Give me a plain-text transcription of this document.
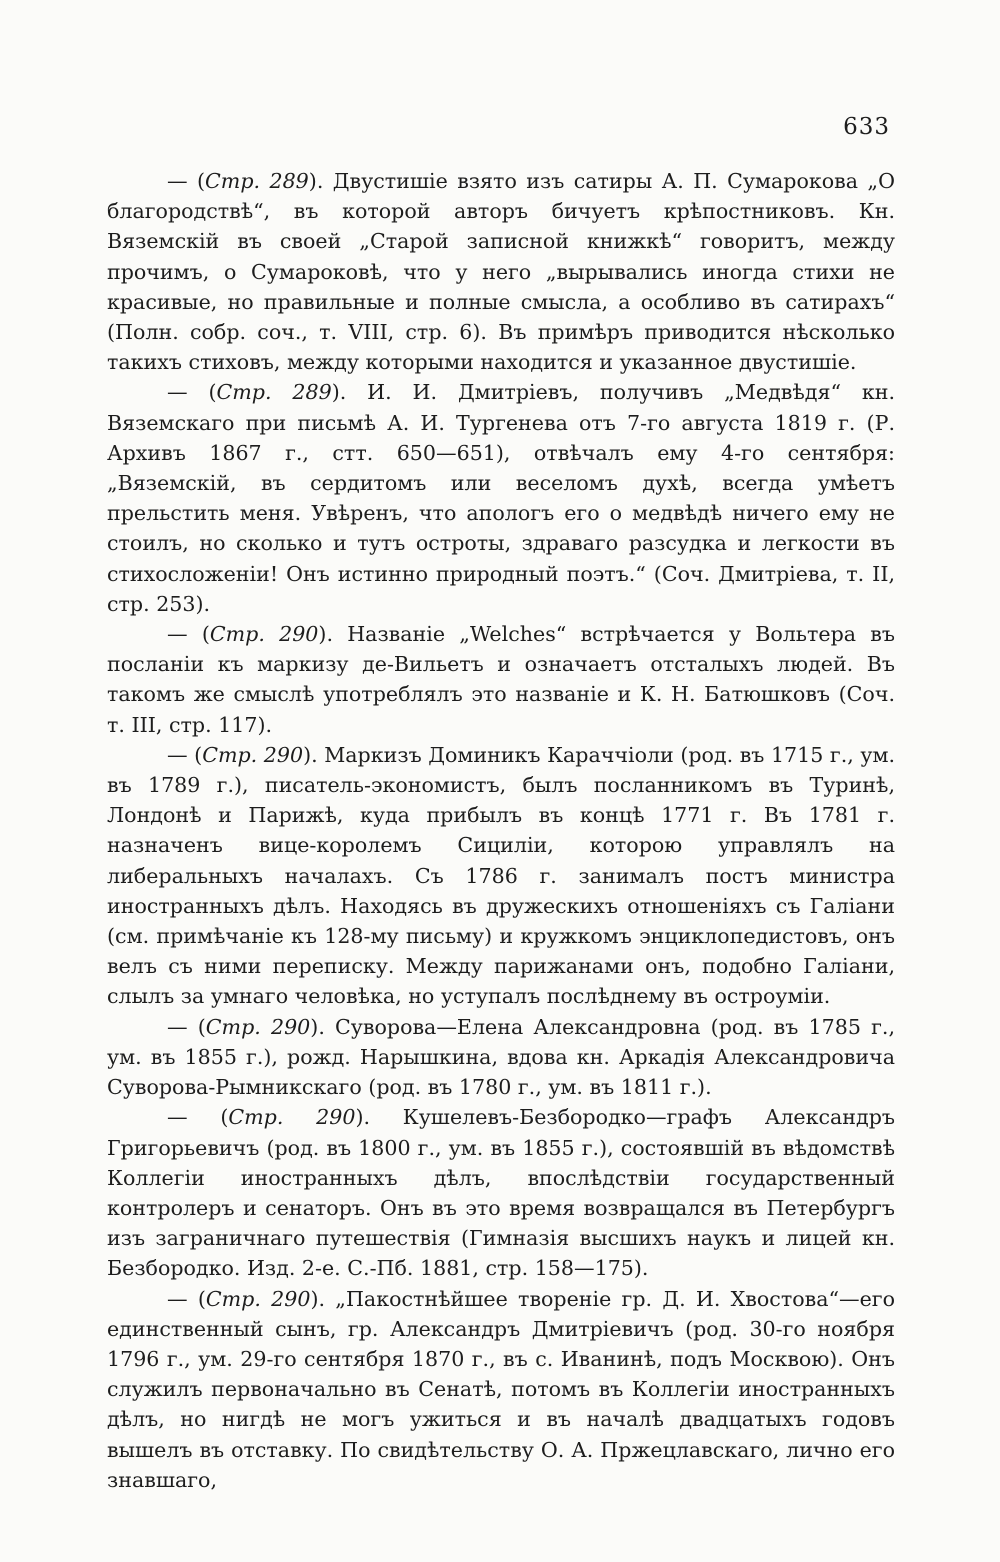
633

— (Стр. 289). Двустишіе взято изъ сатиры А. П. Сумарокова „О благородствѣ“, въ которой авторъ бичуетъ крѣпостниковъ. Кн. Вяземскій въ своей „Старой записной книжкѣ“ говоритъ, между прочимъ, о Сумароковѣ, что у него „вырывались иногда стихи не красивые, но правильные и полные смысла, а особливо въ сатирахъ“ (Полн. собр. соч., т. VIII, стр. 6). Въ примѣръ приводится нѣсколько такихъ стиховъ, между которыми находится и указанное двустишіе.

— (Стр. 289). И. И. Дмитріевъ, получивъ „Медвѣдя“ кн. Вяземскаго при письмѣ А. И. Тургенева отъ 7-го августа 1819 г. (Р. Архивъ 1867 г., стт. 650—651), отвѣчалъ ему 4-го сентября: „Вяземскій, въ сердитомъ или веселомъ духѣ, всегда умѣетъ прельстить меня. Увѣренъ, что апологъ его о медвѣдѣ ничего ему не стоилъ, но сколько и тутъ остроты, здраваго разсудка и легкости въ стихосложеніи! Онъ истинно природный поэтъ.“ (Соч. Дмитріева, т. II, стр. 253).

— (Стр. 290). Названіе „Welches“ встрѣчается у Вольтера въ посланіи къ маркизу де-Вильетъ и означаетъ отсталыхъ людей. Въ такомъ же смыслѣ употреблялъ это названіе и К. Н. Батюшковъ (Соч. т. III, стр. 117).

— (Стр. 290). Маркизъ Доминикъ Караччіоли (род. въ 1715 г., ум. въ 1789 г.), писатель-экономистъ, былъ посланникомъ въ Туринѣ, Лондонѣ и Парижѣ, куда прибылъ въ концѣ 1771 г. Въ 1781 г. назначенъ вице-королемъ Сициліи, которою управлялъ на либеральныхъ началахъ. Съ 1786 г. занималъ постъ министра иностранныхъ дѣлъ. Находясь въ дружескихъ отношеніяхъ съ Галіани (см. примѣчаніе къ 128-му письму) и кружкомъ энциклопедистовъ, онъ велъ съ ними переписку. Между парижанами онъ, подобно Галіани, слылъ за умнаго человѣка, но уступалъ послѣднему въ остроуміи.

— (Стр. 290). Суворова—Елена Александровна (род. въ 1785 г., ум. въ 1855 г.), рожд. Нарышкина, вдова кн. Аркадія Александровича Суворова-Рымникскаго (род. въ 1780 г., ум. въ 1811 г.).

— (Стр. 290). Кушелевъ-Безбородко—графъ Александръ Григорьевичъ (род. въ 1800 г., ум. въ 1855 г.), состоявшій въ вѣдомствѣ Коллегіи иностранныхъ дѣлъ, впослѣдствіи государственный контролеръ и сенаторъ. Онъ въ это время возвращался въ Петербургъ изъ заграничнаго путешествія (Гимназія высшихъ наукъ и лицей кн. Безбородко. Изд. 2-е. С.-Пб. 1881, стр. 158—175).

— (Стр. 290). „Пакостнѣйшее твореніе гр. Д. И. Хвостова“—его единственный сынъ, гр. Александръ Дмитріевичъ (род. 30-го ноября 1796 г., ум. 29-го сентября 1870 г., въ с. Иванинѣ, подъ Москвою). Онъ служилъ первоначально въ Сенатѣ, потомъ въ Коллегіи иностранныхъ дѣлъ, но нигдѣ не могъ ужиться и въ началѣ двадцатыхъ годовъ вышелъ въ отставку. По свидѣтельству О. А. Пржецлавскаго, лично его знавшаго,
